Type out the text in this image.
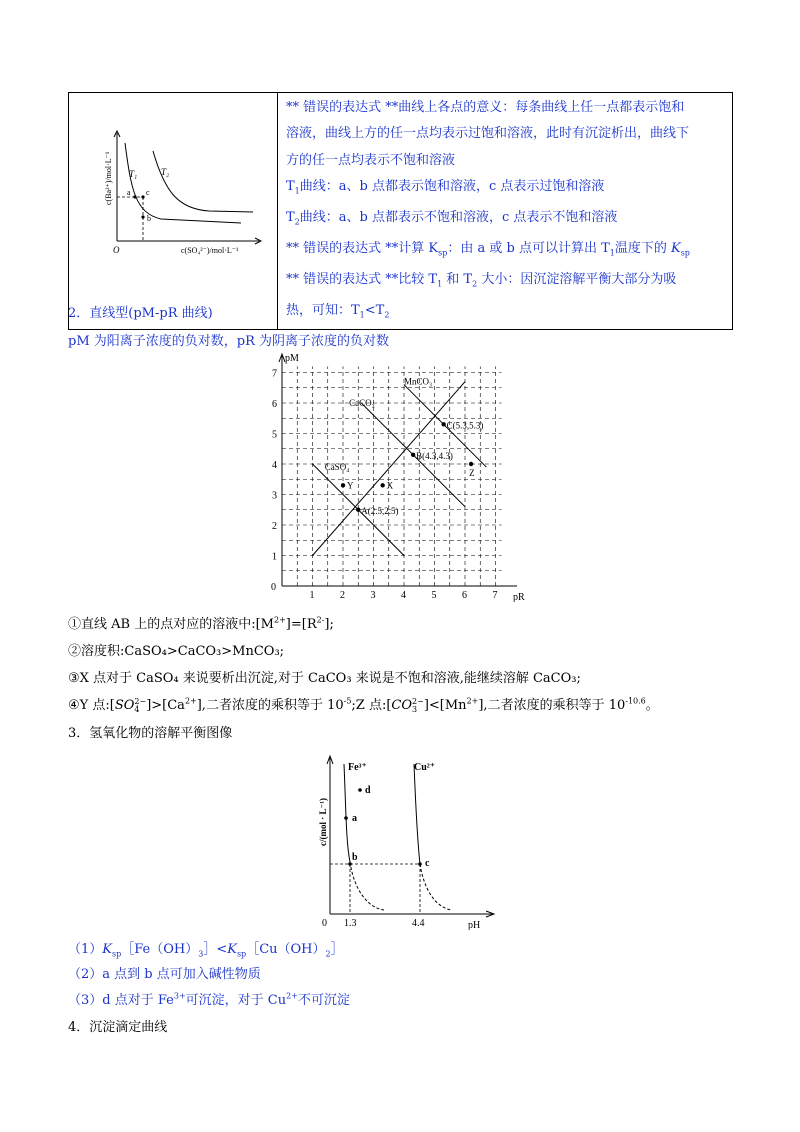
c(Ba²⁺)/mol·L⁻¹
c(SO₄²⁻)/mol·L⁻¹
O
T₁	T₂
a c
b

** 错误的表达式 **曲线上各点的意义：每条曲线上任一点都表示饱和
溶液，曲线上方的任一点均表示过饱和溶液，此时有沉淀析出，曲线下
方的任一点均表示不饱和溶液
$T_1$曲线：a、b 点都表示饱和溶液，c 点表示过饱和溶液
$T_2$曲线：a、b 点都表示不饱和溶液，c 点表示不饱和溶液
** 错误的表达式 **计算 $K_{sp}$：由 a 或 b 点可以计算出 $T_1$温度下的 $K_{sp}$
** 错误的表达式 **比较 $T_1$ 和 $T_2$ 大小：因沉淀溶解平衡大部分为吸
热，可知：$T_1<T_2$
2．直线型(pM-pR 曲线)
pM 为阳离子浓度的负对数，pR 为阴离子浓度的负对数
pM
pR
0
1	2	3	4	5	6	7
1
2
3
4
5
6
7
CaSO₄
CaCO₃
MnCO₃
A(2.5,2.5)
B(4.3,4.3)
C(5.3,5.3)
X
Y
Z
①直线 AB 上的点对应的溶液中$:[M^{2+}]=[R^{2-}]$;
②溶度积:CaSO₄>CaCO₃>MnCO₃;
③X 点对于 CaSO₄ 来说要析出沉淀,对于 CaCO₃ 来说是不饱和溶液,能继续溶解 CaCO₃;
④Y 点:[SO 2−
4 ]$>[Ca^{2+}]$,二者浓度的乘积等于 $10^{-5};Z$ 点:[CO 2−
3 ]$<[Mn^{2+}]$,二者浓度的乘积等于 $10^{-10.6}$。
3．氢氧化物的溶解平衡图像
c/(mol · L⁻¹)
pH
0 1.3	4.4
Fe³⁺	Cu²⁺
a
b
c
d
$(1)K_{sp}[Fe(OH)_3]<K_{sp}[Cu(OH)_2]$
（2）a 点到 b 点可加入碱性物质
（3）d 点对于 $Fe^{3+}$可沉淀，对于 $Cu^{2+}$不可沉淀
4．沉淀滴定曲线
